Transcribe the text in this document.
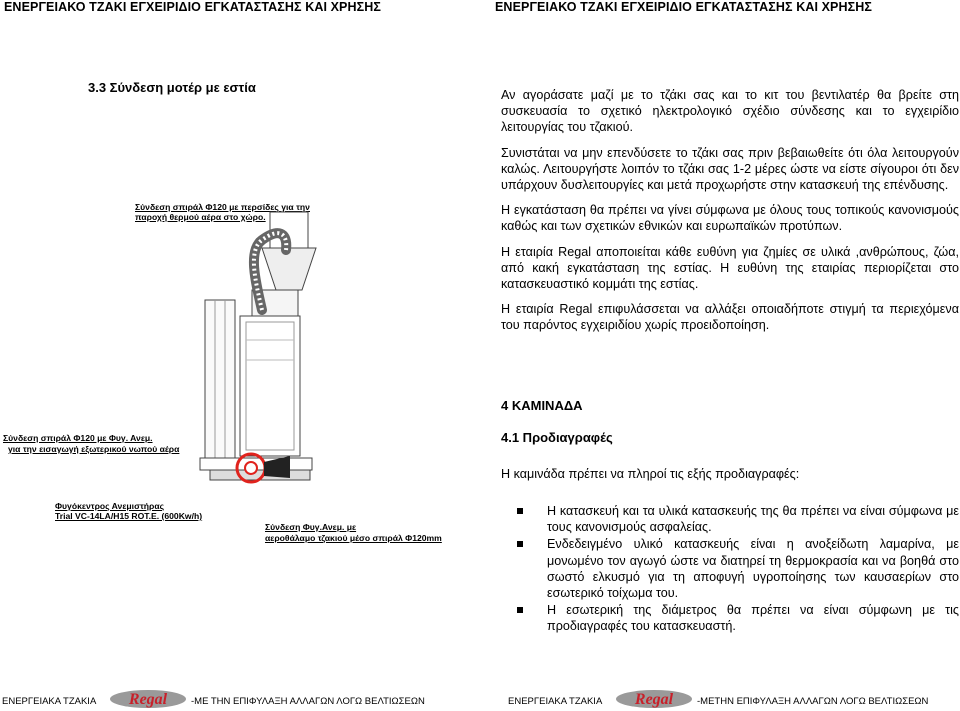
ΕΝΕΡΓΕΙΑΚΟ ΤΖΑΚΙ ΕΓΧΕΙΡΙΔΙΟ ΕΓΚΑΤΑΣΤΑΣΗΣ ΚΑΙ ΧΡΗΣΗΣ	ΕΝΕΡΓΕΙΑΚΟ ΤΖΑΚΙ ΕΓΧΕΙΡΙΔΙΟ ΕΓΚΑΤΑΣΤΑΣΗΣ ΚΑΙ ΧΡΗΣΗΣ
3.3 Σύνδεση μοτέρ με εστία
Σύνδεση σπιράλ Φ120 με περσίδες για την
παροχή θερμού αέρα στο χώρο.
Σύνδεση σπιράλ Φ120 με Φυγ. Ανεμ.
για την εισαγωγή εξωτερικού νωπού αέρα
Φυγόκεντρος Ανεμιστήρας
Trial VC-14LA/H15 ROT.E. (600Kw/h)
Σύνδεση Φυγ.Ανεμ. με
αεροθάλαμο τζακιού μέσο σπιράλ Φ120mm

Αν αγοράσατε μαζί με το τζάκι σας και το κιτ του βεντιλατέρ θα βρείτε στη συσκευασία το σχετικό ηλεκτρολογικό σχέδιο σύνδεσης και το εγχειρίδιο λειτουργίας του τζακιού.

Συνιστάται να μην επενδύσετε το τζάκι σας πριν βεβαιωθείτε ότι όλα λειτουργούν καλώς. Λειτουργήστε λοιπόν το τζάκι σας 1-2 μέρες ώστε να είστε σίγουροι ότι δεν υπάρχουν δυσλειτουργίες και μετά προχωρήστε στην κατασκευή της επένδυσης.

Η εγκατάσταση θα πρέπει να γίνει σύμφωνα με όλους τους τοπικούς κανονισμούς καθώς και των σχετικών εθνικών και ευρωπαϊκών προτύπων.

Η εταιρία Regal αποποιείται κάθε ευθύνη για ζημίες σε υλικά ,ανθρώπους, ζώα, από κακή εγκατάσταση της εστίας. Η ευθύνη της εταιρίας περιορίζεται στο κατασκευαστικό κομμάτι της εστίας.

Η εταιρία Regal επιφυλάσσεται να αλλάξει οποιαδήποτε στιγμή τα περιεχόμενα του παρόντος εγχειριδίου χωρίς προειδοποίηση.

4 ΚΑΜΙΝΑΔΑ
4.1 Προδιαγραφές
Η καμινάδα πρέπει να πληροί τις εξής προδιαγραφές:
Η κατασκευή και τα υλικά κατασκευής της θα πρέπει να είναι σύμφωνα με τους κανονισμούς ασφαλείας.
Ενδεδειγμένο υλικό κατασκευής είναι η ανοξείδωτη λαμαρίνα, με μονωμένο τον αγωγό ώστε να διατηρεί τη θερμοκρασία και να βοηθά στο σωστό ελκυσμό για τη αποφυγή υγροποίησης των καυσαερίων στο εσωτερικό τοίχωμα του.
Η εσωτερική της διάμετρος θα πρέπει να είναι σύμφωνη με τις προδιαγραφές του κατασκευαστή.
ΕΝΕΡΓΕΙΑΚΑ ΤΖΑΚΙΑ Regal	-ΜΕ ΤΗΝ ΕΠΙΦΥΛΑΞΗ ΑΛΛΑΓΩΝ ΛΟΓΩ ΒΕΛΤΙΩΣΕΩΝ	ΕΝΕΡΓΕΙΑΚΑ ΤΖΑΚΙΑ Regal	-ΜΕΤΗΝ ΕΠΙΦΥΛΑΞΗ ΑΛΛΑΓΩΝ ΛΟΓΩ ΒΕΛΤΙΩΣΕΩΝ
